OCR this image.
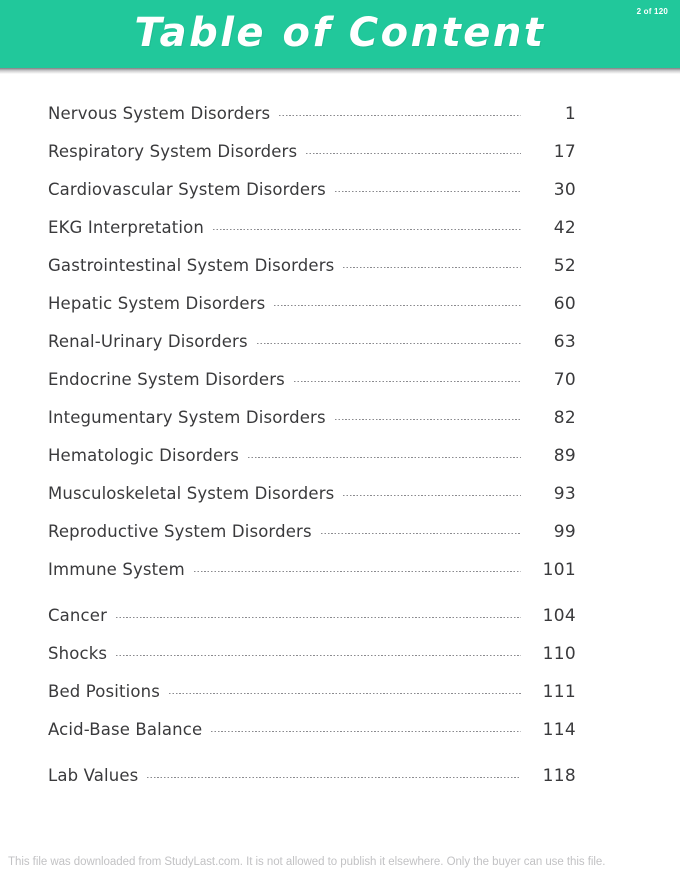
Table of Content	2 of 120
Nervous System Disorders	1
Respiratory System Disorders	17
Cardiovascular System Disorders	30
EKG Interpretation	42
Gastrointestinal System Disorders	52
Hepatic System Disorders	60
Renal-Urinary Disorders	63
Endocrine System Disorders	70
Integumentary System Disorders	82
Hematologic Disorders	89
Musculoskeletal System Disorders	93
Reproductive System Disorders	99
Immune System	101
Cancer	104
Shocks	110
Bed Positions	111
Acid-Base Balance	114
Lab Values	118
This file was downloaded from StudyLast.com. It is not allowed to publish it elsewhere. Only the buyer can use this file.
